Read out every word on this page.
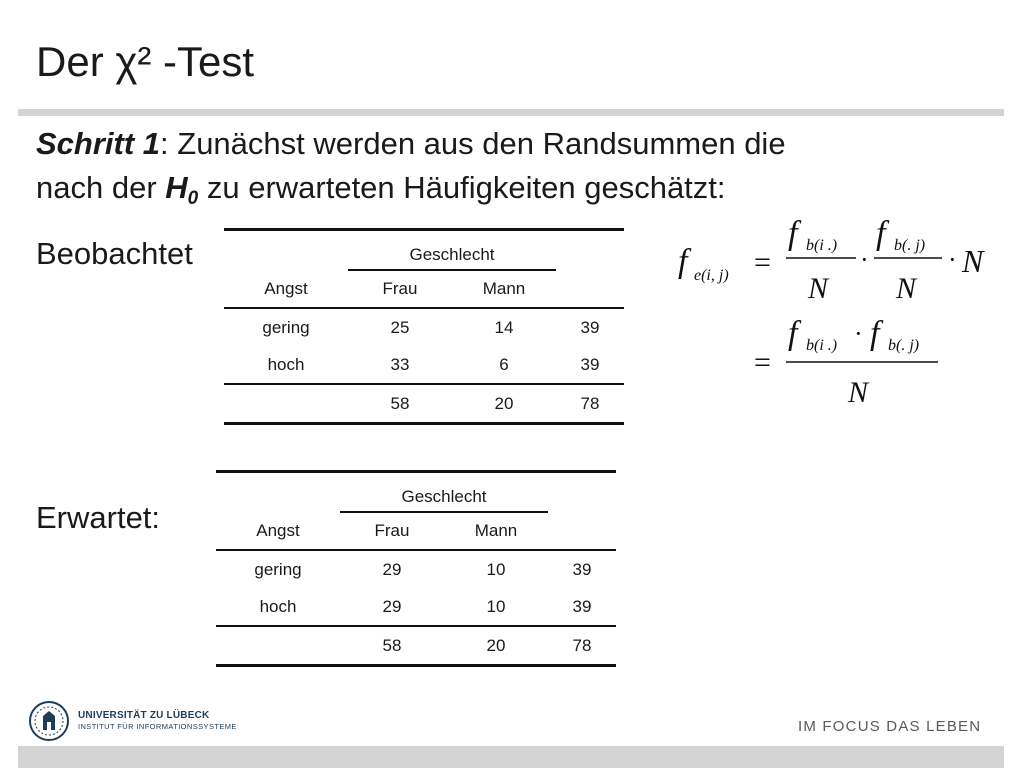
Der χ² -Test
Schritt 1: Zunächst werden aus den Randsummen die
nach der $H_0$ zu erwarteten Häufigkeiten geschätzt:
Beobachtet

		Geschlecht		
Angst	Frau	Mann	
gering	25	14	39
hoch	33	6	39
	58	20	78
Erwartet:

	Geschlecht		
Angst	Frau	Mann	
gering	29	10	39
hoch	29	10	39
	58	20	78
f e(i, j) =
f b(i .)
N
·
f b(. j)
N
· N
=
f b(i .) · f b(. j)
N
UNIVERSITÄT ZU LÜBECK
INSTITUT FÜR INFORMATIONSSYSTEME	IM FOCUS DAS LEBEN
